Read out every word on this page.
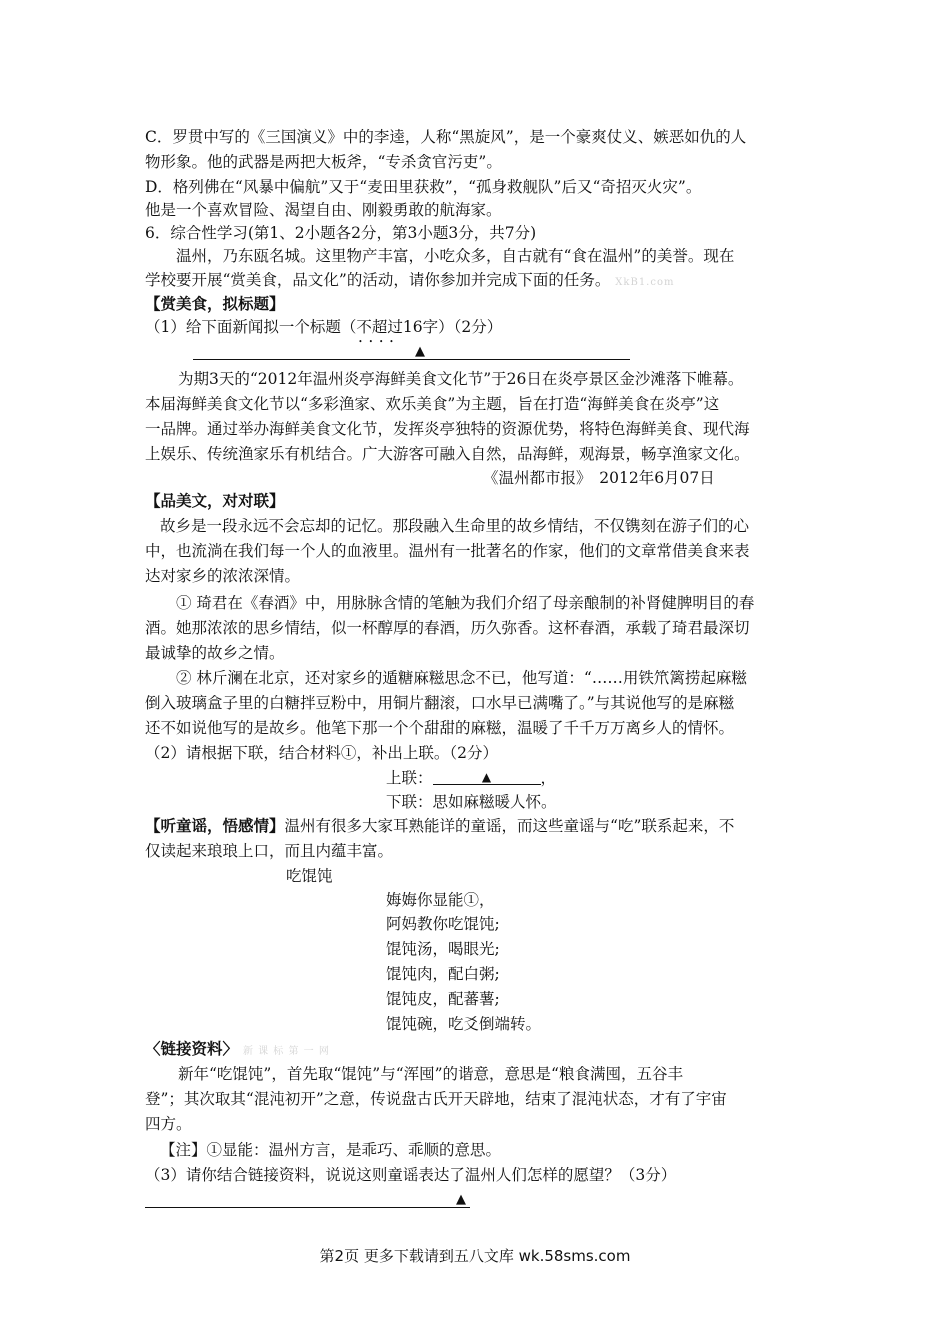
C．罗贯中写的《三国演义》中的李逵，人称“黑旋风”，是一个豪爽仗义、嫉恶如仇的人
物形象。他的武器是两把大板斧，“专杀贪官污吏”。
D．格列佛在“风暴中偏航”又于“麦田里获救”，“孤身救舰队”后又“奇招灭火灾”。
他是一个喜欢冒险、渴望自由、刚毅勇敢的航海家。
6．综合性学习(第1、2小题各2分，第3小题3分，共7分)
温州，乃东瓯名城。这里物产丰富，小吃众多，自古就有“食在温州”的美誉。现在
学校要开展“赏美食，品文化”的活动，请你参加并完成下面的任务。 XkB1.com
【赏美食，拟标题】
（1）给下面新闻拟一个标题（不超过 • • • •16字）（2分）
▲
为期3天的“2012年温州炎亭海鲜美食文化节”于26日在炎亭景区金沙滩落下帷幕。
本届海鲜美食文化节以“多彩渔家、欢乐美食”为主题，旨在打造“海鲜美食在炎亭”这
一品牌。通过举办海鲜美食文化节，发挥炎亭独特的资源优势，将特色海鲜美食、现代海
上娱乐、传统渔家乐有机结合。广大游客可融入自然，品海鲜，观海景，畅享渔家文化。
《温州都市报》　2012年6月07日
【品美文，对对联】
故乡是一段永远不会忘却的记忆。那段融入生命里的故乡情结，不仅镌刻在游子们的心
中，也流淌在我们每一个人的血液里。温州有一批著名的作家，他们的文章常借美食来表
达对家乡的浓浓深情。
① 琦君在《春酒》中，用脉脉含情的笔触为我们介绍了母亲酿制的补肾健脾明目的春
酒。她那浓浓的思乡情结，似一杯醇厚的春酒，历久弥香。这杯春酒，承载了琦君最深切
最诚挚的故乡之情。
② 林斤澜在北京，还对家乡的遁糖麻糍思念不已，他写道：“……用铁笊篱捞起麻糍
倒入玻璃盒子里的白糖拌豆粉中，用铜片翻滚，口水早已满嘴了。”与其说他写的是麻糍
还不如说他写的是故乡。他笔下那一个个甜甜的麻糍，温暖了千千万万离乡人的情怀。
（2）请根据下联，结合材料①，补出上联。（2分）
上联：	▲	，
下联：思如麻糍暖人怀。
【听童谣，悟感情】温州有很多大家耳熟能详的童谣，而这些童谣与“吃”联系起来，不
仅读起来琅琅上口，而且内蕴丰富。
吃馄饨
娒娒你显能①，
阿妈教你吃馄饨;
馄饨汤，喝眼光;
馄饨肉，配白粥;
馄饨皮，配蕃薯;
馄饨碗，吃爻倒端转。
〈链接资料〉 新 课 标 第 一 网
新年“吃馄饨”，首先取“馄饨”与“浑囤”的谐意，意思是“粮食满囤，五谷丰
登”；其次取其“混沌初开”之意，传说盘古氏开天辟地，结束了混沌状态，才有了宇宙
四方。
【注】①显能：温州方言，是乖巧、乖顺的意思。
（3）请你结合链接资料，说说这则童谣表达了温州人们怎样的愿望？（3分）
▲
第2页 更多下载请到五八文库 wk.58sms.com
